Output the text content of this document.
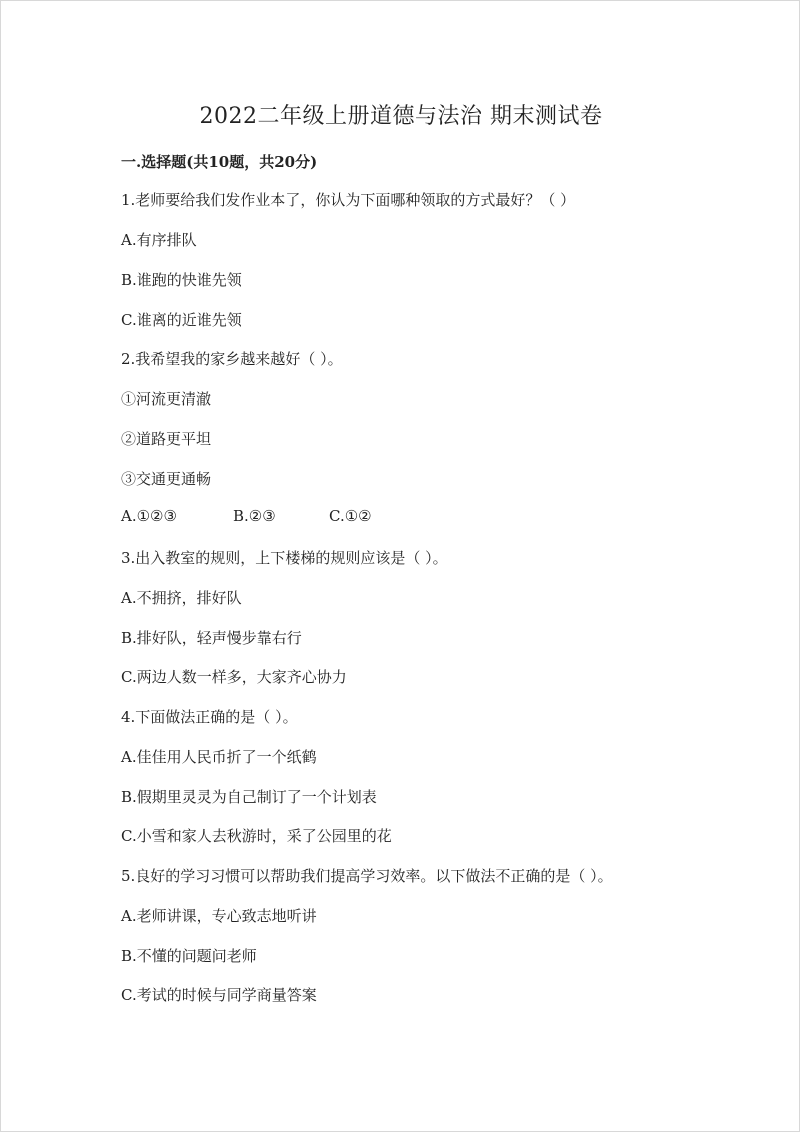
2022二年级上册道德与法治 期末测试卷
一.选择题(共10题，共20分)
1.老师要给我们发作业本了，你认为下面哪种领取的方式最好？（ ）
A.有序排队
B.谁跑的快谁先领
C.谁离的近谁先领
2.我希望我的家乡越来越好（ ）。
①河流更清澈
②道路更平坦
③交通更通畅
A.①②③	B.②③	C.①②
3.出入教室的规则，上下楼梯的规则应该是（ ）。
A.不拥挤，排好队
B.排好队，轻声慢步靠右行
C.两边人数一样多，大家齐心协力
4.下面做法正确的是（ ）。
A.佳佳用人民币折了一个纸鹤
B.假期里灵灵为自己制订了一个计划表
C.小雪和家人去秋游时，采了公园里的花
5.良好的学习习惯可以帮助我们提高学习效率。以下做法不正确的是（ ）。
A.老师讲课，专心致志地听讲
B.不懂的问题问老师
C.考试的时候与同学商量答案
